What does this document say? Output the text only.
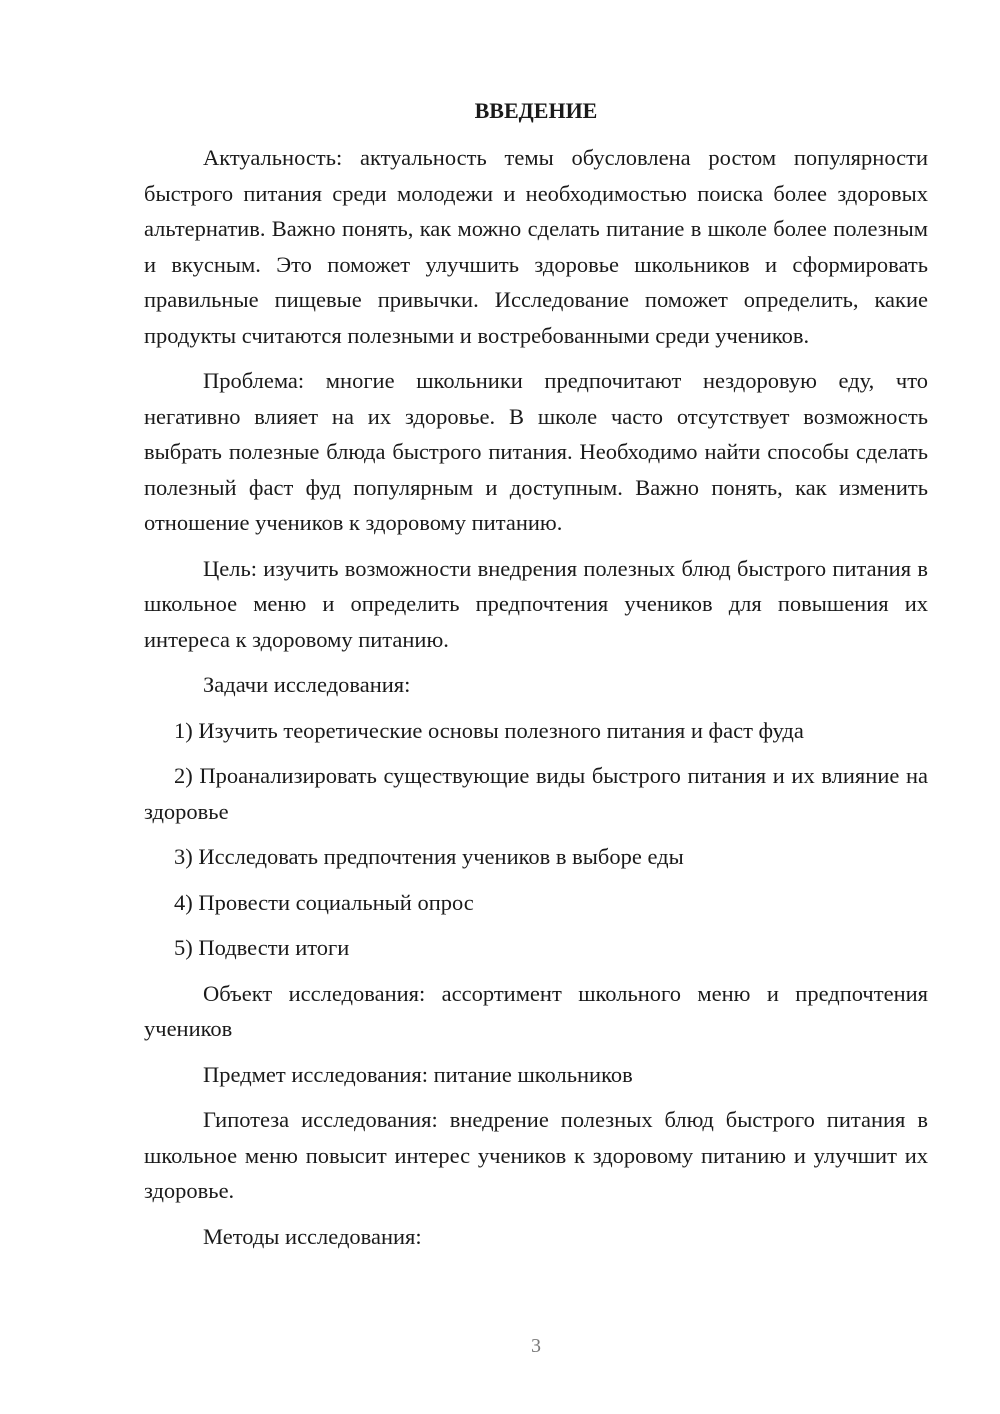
ВВЕДЕНИЕ

Актуальность: актуальность темы обусловлена ростом популярности быстрого питания среди молодежи и необходимостью поиска более здоровых альтернатив. Важно понять, как можно сделать питание в школе более полезным и вкусным. Это поможет улучшить здоровье школьников и сформировать правильные пищевые привычки. Исследование поможет определить, какие продукты считаются полезными и востребованными среди учеников.

Проблема: многие школьники предпочитают нездоровую еду, что негативно влияет на их здоровье. В школе часто отсутствует возможность выбрать полезные блюда быстрого питания. Необходимо найти способы сделать полезный фаст фуд популярным и доступным. Важно понять, как изменить отношение учеников к здоровому питанию.

Цель: изучить возможности внедрения полезных блюд быстрого питания в школьное меню и определить предпочтения учеников для повышения их интереса к здоровому питанию.

Задачи исследования:

1) Изучить теоретические основы полезного питания и фаст фуда

2) Проанализировать существующие виды быстрого питания и их влияние на здоровье

3) Исследовать предпочтения учеников в выборе еды

4) Провести социальный опрос

5) Подвести итоги

Объект исследования: ассортимент школьного меню и предпочтения учеников

Предмет исследования: питание школьников

Гипотеза исследования: внедрение полезных блюд быстрого питания в школьное меню повысит интерес учеников к здоровому питанию и улучшит их здоровье.

Методы исследования:

3
